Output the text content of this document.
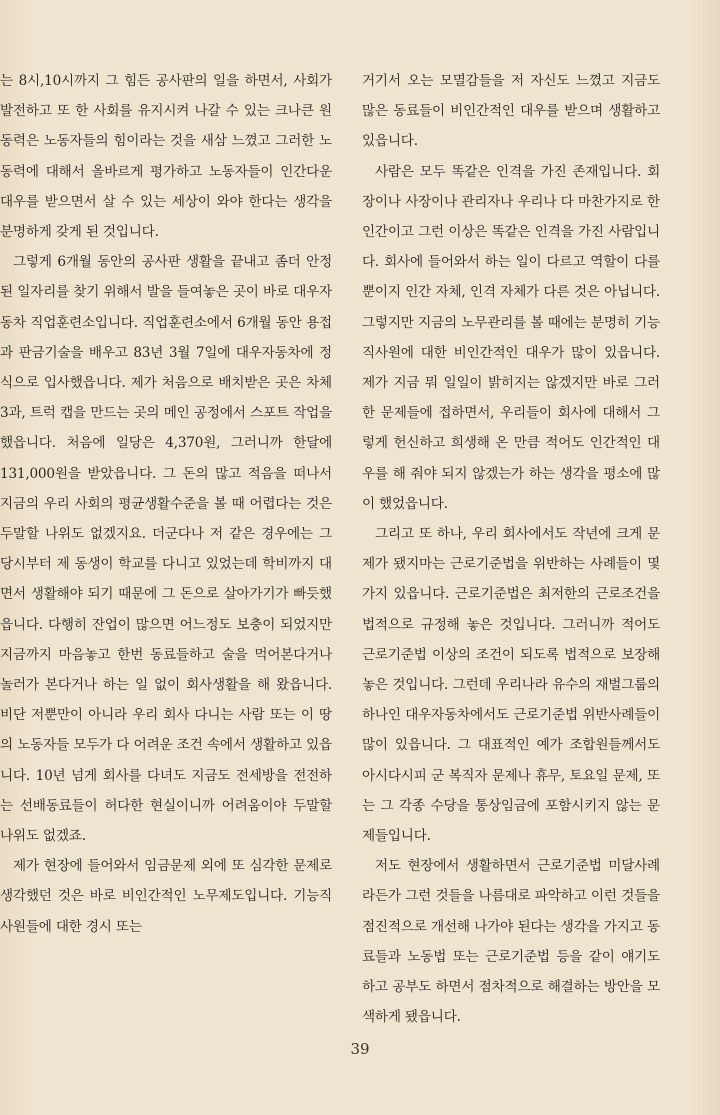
는 8시,10시까지 그 힘든 공사판의 일을 하면서, 사회가 발전하고 또 한 사회를 유지시켜 나갈 수 있는 크나큰 원동력은 노동자들의 힘이라는 것을 새삼 느꼈고 그러한 노동력에 대해서 올바르게 평가하고 노동자들이 인간다운 대우를 받으면서 살 수 있는 세상이 와야 한다는 생각을 분명하게 갖게 된 것입니다.

그렇게 6개월 동안의 공사판 생활을 끝내고 좀더 안정된 일자리를 찾기 위해서 발을 들여놓은 곳이 바로 대우자동차 직업훈련소입니다. 직업훈련소에서 6개월 동안 용접과 판금기술을 배우고 83년 3월 7일에 대우자동차에 정식으로 입사했읍니다. 제가 처음으로 배치받은 곳은 차체3과, 트럭 캡을 만드는 곳의 메인 공정에서 스포트 작업을 했읍니다. 처음에 일당은 4,370원, 그러니까 한달에 131,000원을 받았읍니다. 그 돈의 많고 적음을 떠나서 지금의 우리 사회의 평균생활수준을 볼 때 어렵다는 것은 두말할 나위도 없겠지요. 더군다나 저 같은 경우에는 그 당시부터 제 동생이 학교를 다니고 있었는데 학비까지 대면서 생활해야 되기 때문에 그 돈으로 살아가기가 빠듯했읍니다. 다행히 잔업이 많으면 어느정도 보충이 되었지만 지금까지 마음놓고 한번 동료들하고 술을 먹어본다거나 놀러가 본다거나 하는 일 없이 회사생활을 해 왔읍니다. 비단 저뿐만이 아니라 우리 회사 다니는 사람 또는 이 땅의 노동자들 모두가 다 어려운 조건 속에서 생활하고 있읍니다. 10년 넘게 회사를 다녀도 지금도 전세방을 전전하는 선배동료들이 허다한 현실이니까 어려움이야 두말할 나위도 없겠죠.

제가 현장에 들어와서 임금문제 외에 또 심각한 문제로 생각했던 것은 바로 비인간적인 노무제도입니다. 기능직 사원들에 대한 경시 또는

거기서 오는 모멸감들을 저 자신도 느꼈고 지금도 많은 동료들이 비인간적인 대우를 받으며 생활하고 있읍니다.

사람은 모두 똑같은 인격을 가진 존재입니다. 회장이나 사장이나 관리자나 우리나 다 마찬가지로 한 인간이고 그런 이상은 똑같은 인격을 가진 사람입니다. 회사에 들어와서 하는 일이 다르고 역할이 다를 뿐이지 인간 자체, 인격 자체가 다른 것은 아닙니다. 그렇지만 지금의 노무관리를 볼 때에는 분명히 기능직사원에 대한 비인간적인 대우가 많이 있읍니다. 제가 지금 뭐 일일이 밝히지는 않겠지만 바로 그러한 문제들에 접하면서, 우리들이 회사에 대해서 그렇게 헌신하고 희생해 온 만큼 적어도 인간적인 대우를 해 줘야 되지 않겠는가 하는 생각을 평소에 많이 했었읍니다.

그리고 또 하나, 우리 회사에서도 작년에 크게 문제가 됐지마는 근로기준법을 위반하는 사례들이 몇 가지 있읍니다. 근로기준법은 최저한의 근로조건을 법적으로 규정해 놓은 것입니다. 그러니까 적어도 근로기준법 이상의 조건이 되도록 법적으로 보장해 놓은 것입니다. 그런데 우리나라 유수의 재벌그룹의 하나인 대우자동차에서도 근로기준법 위반사례들이 많이 있읍니다. 그 대표적인 예가 조합원들께서도 아시다시피 군 복직자 문제나 휴무, 토요일 문제, 또는 그 각종 수당을 통상임금에 포함시키지 않는 문제들입니다.

저도 현장에서 생활하면서 근로기준법 미달사례라든가 그런 것들을 나름대로 파악하고 이런 것들을 점진적으로 개선해 나가야 된다는 생각을 가지고 동료들과 노동법 또는 근로기준법 등을 같이 얘기도 하고 공부도 하면서 점차적으로 해결하는 방안을 모색하게 됐읍니다.

39
